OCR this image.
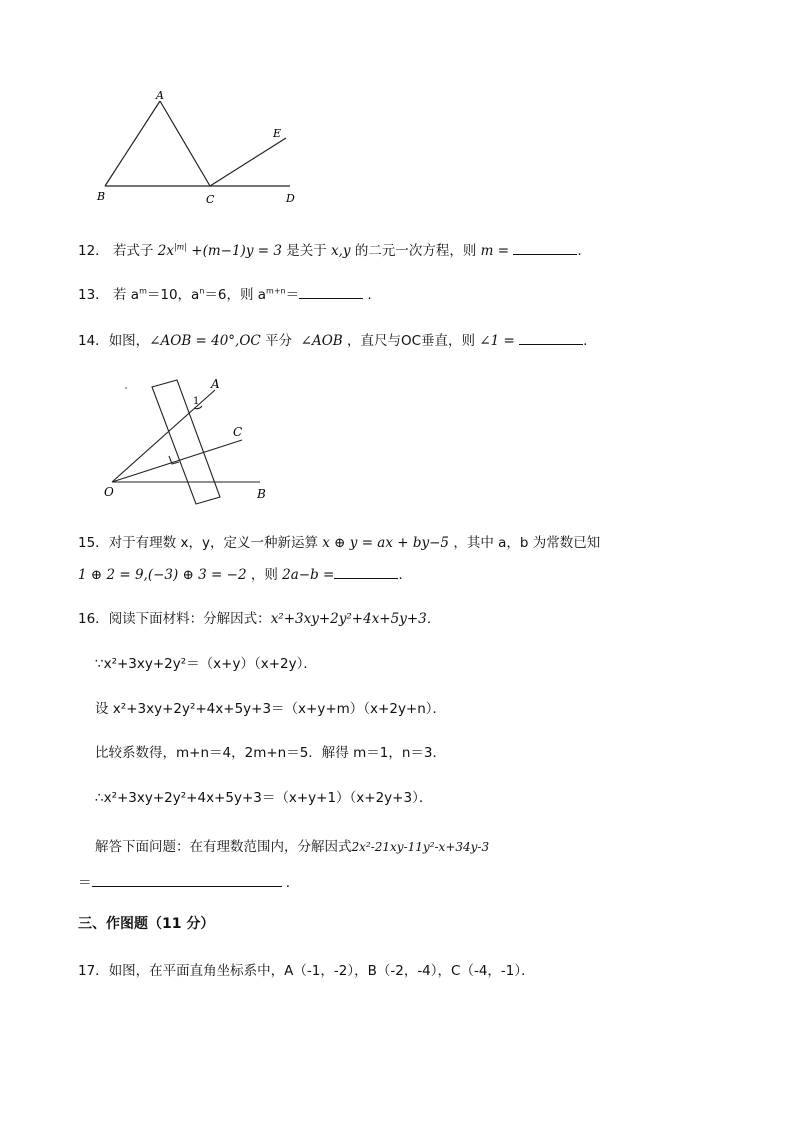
A
B	C	D
E
12． 若式子 $2x^{|m|} +(m-1)y = 3$ 是关于 x,y 的二元一次方程，则 m =	.
13． 若 $a^m=10$，$a^n=6$，则 $a^{m+n}=$	.
14．如图，∠AOB = 40°,OC 平分 ∠AOB ，直尺与OC垂直，则 ∠1 =	.
A
1
C
O	B
15．对于有理数 x，y，定义一种新运算 x ⊕ y = ax + by−5 ，其中 a，b 为常数已知
1 ⊕ 2 = 9,(−3) ⊕ 3 = −2 ，则 2a−b =	.
16．阅读下面材料：分解因式：x²+3xy+2y²+4x+5y+3．
∵x²+3xy+2y²＝（x+y）（x+2y）．
设 x²+3xy+2y²+4x+5y+3＝（x+y+m）（x+2y+n）．
比较系数得，m+n＝4，2m+n＝5．解得 m＝1，n＝3．
∴x²+3xy+2y²+4x+5y+3＝（x+y+1）（x+2y+3）．
解答下面问题：在有理数范围内，分解因式2x²-21xy-11y²-x+34y-3
＝	.
三、作图题（11 分）
17．如图，在平面直角坐标系中，A（-1，-2），B（-2，-4），C（-4，-1）．
